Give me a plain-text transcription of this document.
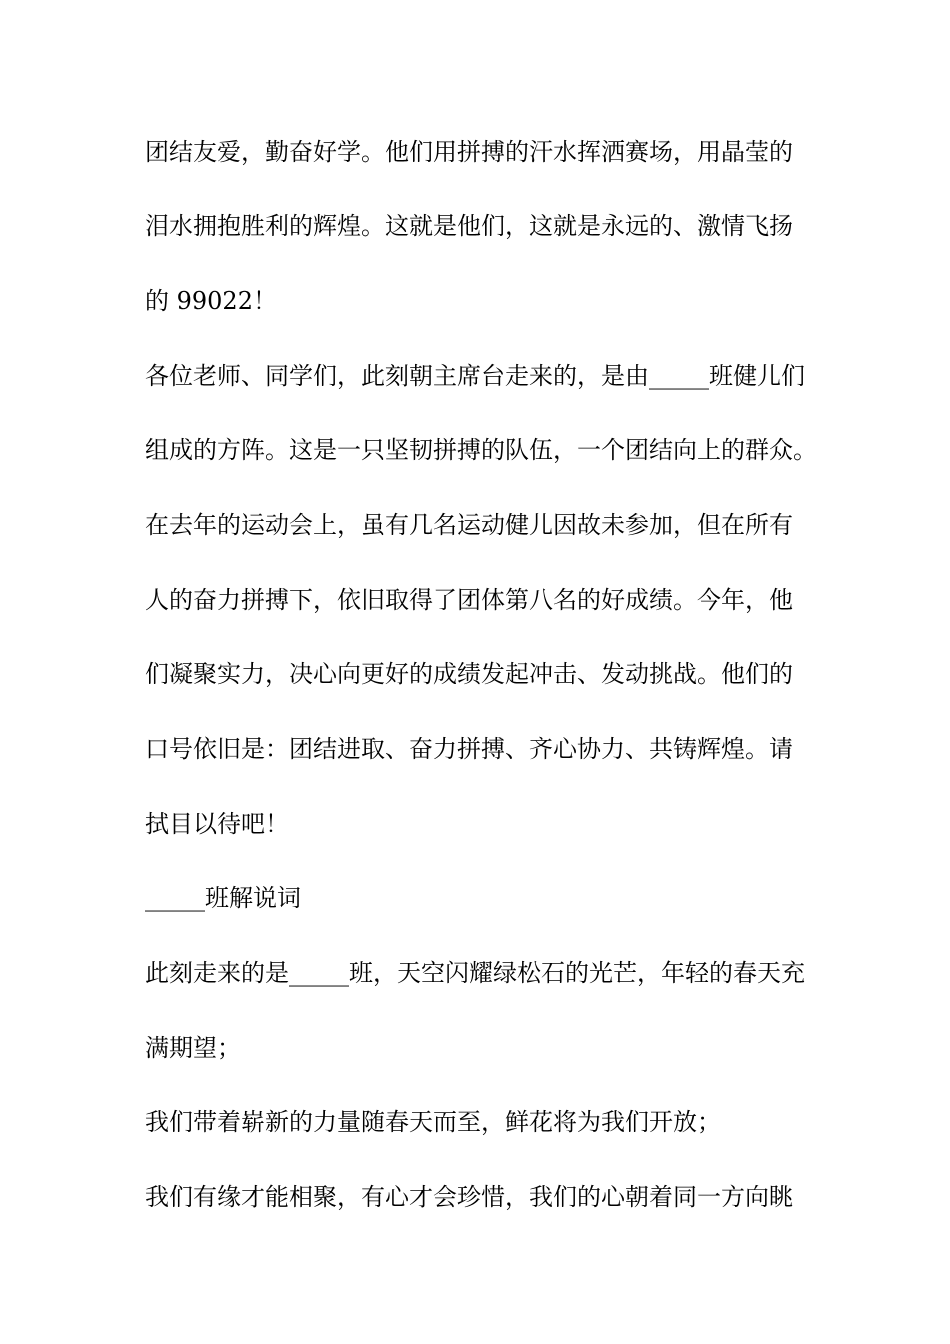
团结友爱，勤奋好学。他们用拼搏的汗水挥洒赛场，用晶莹的
泪水拥抱胜利的辉煌。这就是他们，这就是永远的、激情飞扬
的 99022！
各位老师、同学们，此刻朝主席台走来的，是由_____班健儿们
组成的方阵。这是一只坚韧拼搏的队伍，一个团结向上的群众。
在去年的运动会上，虽有几名运动健儿因故未参加，但在所有
人的奋力拼搏下，依旧取得了团体第八名的好成绩。今年，他
们凝聚实力，决心向更好的成绩发起冲击、发动挑战。他们的
口号依旧是：团结进取、奋力拼搏、齐心协力、共铸辉煌。请
拭目以待吧！
_____班解说词
此刻走来的是_____班，天空闪耀绿松石的光芒，年轻的春天充
满期望；
我们带着崭新的力量随春天而至，鲜花将为我们开放；
我们有缘才能相聚，有心才会珍惜，我们的心朝着同一方向眺
